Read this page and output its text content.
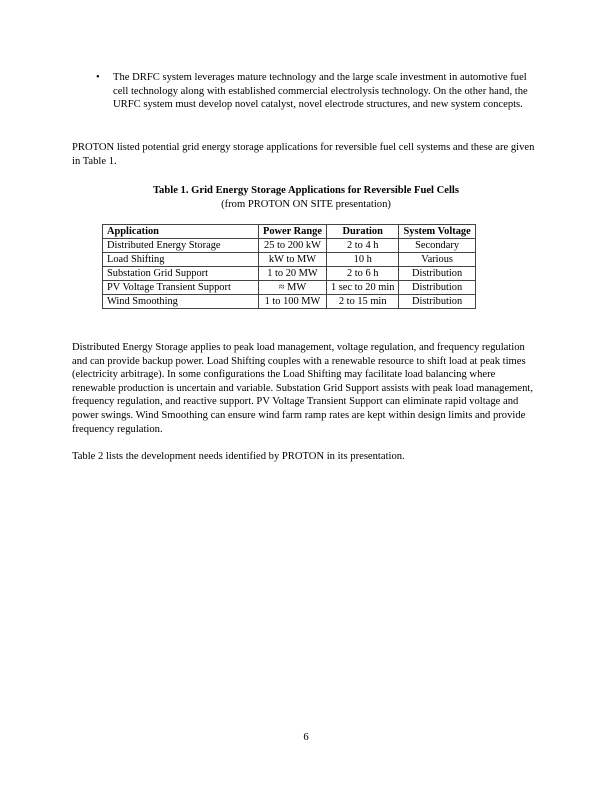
• The DRFC system leverages mature technology and the large scale investment in automotive fuel cell technology along with established commercial electrolysis technology. On the other hand, the URFC system must develop novel catalyst, novel electrode structures, and new system concepts.

PROTON listed potential grid energy storage applications for reversible fuel cell systems and these are given in Table 1.

Table 1. Grid Energy Storage Applications for Reversible Fuel Cells
(from PROTON ON SITE presentation)
Application	Power Range	Duration	System Voltage
Distributed Energy Storage	25 to 200 kW	2 to 4 h	Secondary
Load Shifting	kW to MW	10 h	Various
Substation Grid Support	1 to 20 MW	2 to 6 h	Distribution
PV Voltage Transient Support	≈ MW	1 sec to 20 min	Distribution
Wind Smoothing	1 to 100 MW	2 to 15 min	Distribution

Distributed Energy Storage applies to peak load management, voltage regulation, and frequency regulation and can provide backup power. Load Shifting couples with a renewable resource to shift load at peak times (electricity arbitrage). In some configurations the Load Shifting may facilitate load balancing where renewable production is uncertain and variable. Substation Grid Support assists with peak load management, frequency regulation, and reactive support. PV Voltage Transient Support can eliminate rapid voltage and power swings. Wind Smoothing can ensure wind farm ramp rates are kept within design limits and provide frequency regulation.

Table 2 lists the development needs identified by PROTON in its presentation.

6
